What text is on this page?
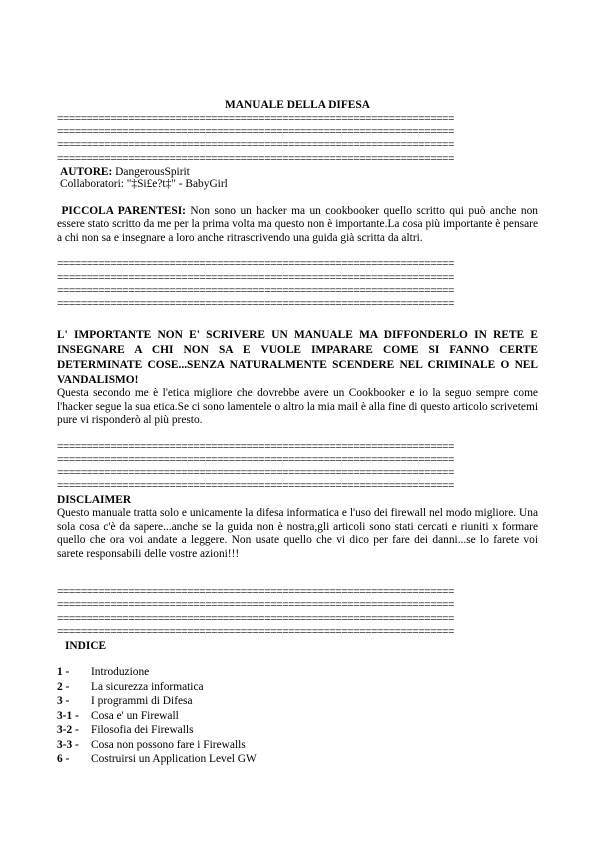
MANUALE DELLA DIFESA
===================================================================
===================================================================
===================================================================
===================================================================
AUTORE: DangerousSpirit
Collaboratori: "‡Si£e?t‡" - BabyGirl
PICCOLA PARENTESI: Non sono un hacker ma un cookbooker quello scritto qui può anche non essere stato scritto da me per la prima volta ma questo non è importante.La cosa più importante è pensare a chi non sa e insegnare a loro anche ritrascrivendo una guida già scritta da altri.
===================================================================
===================================================================
===================================================================
===================================================================
L' IMPORTANTE NON E' SCRIVERE UN MANUALE MA DIFFONDERLO IN RETE E INSEGNARE A CHI NON SA E VUOLE IMPARARE COME SI FANNO CERTE DETERMINATE COSE...SENZA NATURALMENTE SCENDERE NEL CRIMINALE O NEL VANDALISMO!
Questa secondo me è l'etica migliore che dovrebbe avere un Cookbooker e io la seguo sempre come l'hacker segue la sua etica.Se ci sono lamentele o altro la mia mail è alla fine di questo articolo scrivetemi pure vi risponderò al più presto.
===================================================================
===================================================================
===================================================================
===================================================================
DISCLAIMER
Questo manuale tratta solo e unicamente la difesa informatica e l'uso dei firewall nel modo migliore. Una sola cosa c'è da sapere...anche se la guida non è nostra,gli articoli sono stati cercati e riuniti x formare quello che ora voi andate a leggere. Non usate quello che vi dico per fare dei danni...se lo farete voi sarete responsabili delle vostre azioni!!!
===================================================================
===================================================================
===================================================================
===================================================================
INDICE
1 -	Introduzione
2 -	La sicurezza informatica
3 -	I programmi di Difesa
3-1 -	Cosa e' un Firewall
3-2 -	Filosofia dei Firewalls
3-3 -	Cosa non possono fare i Firewalls
6 -	Costruirsi un Application Level GW
